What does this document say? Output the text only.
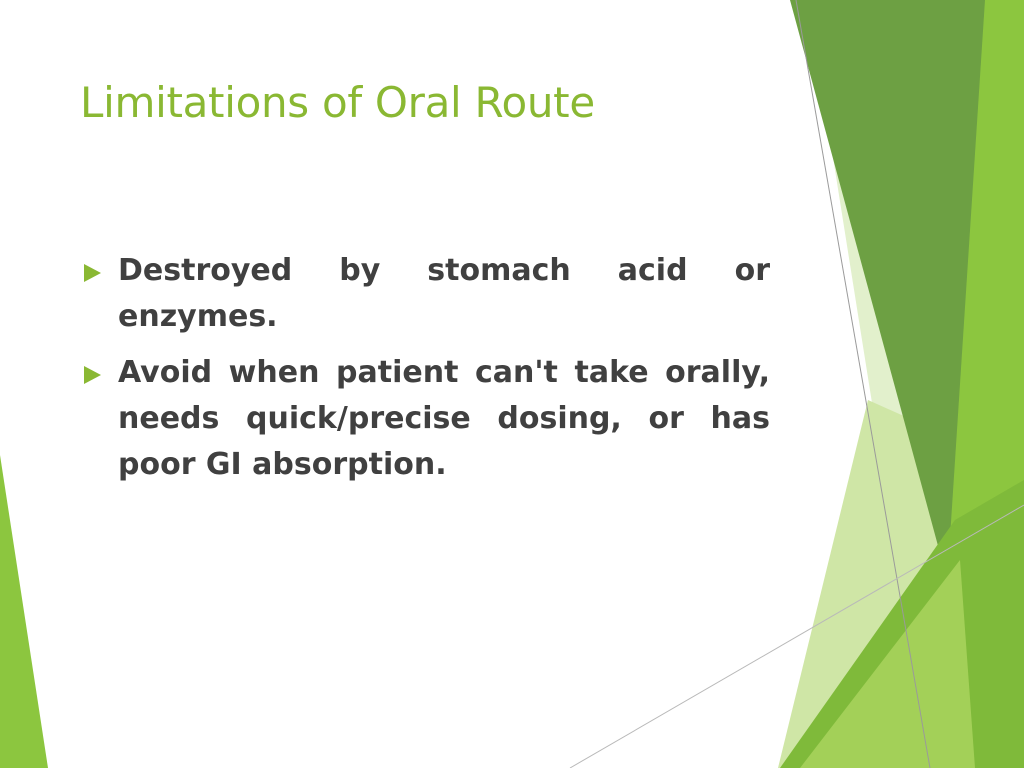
Limitations of Oral Route
Destroyed by stomach acid or enzymes.
Avoid when patient can't take orally, needs quick/precise dosing, or has poor GI absorption.
